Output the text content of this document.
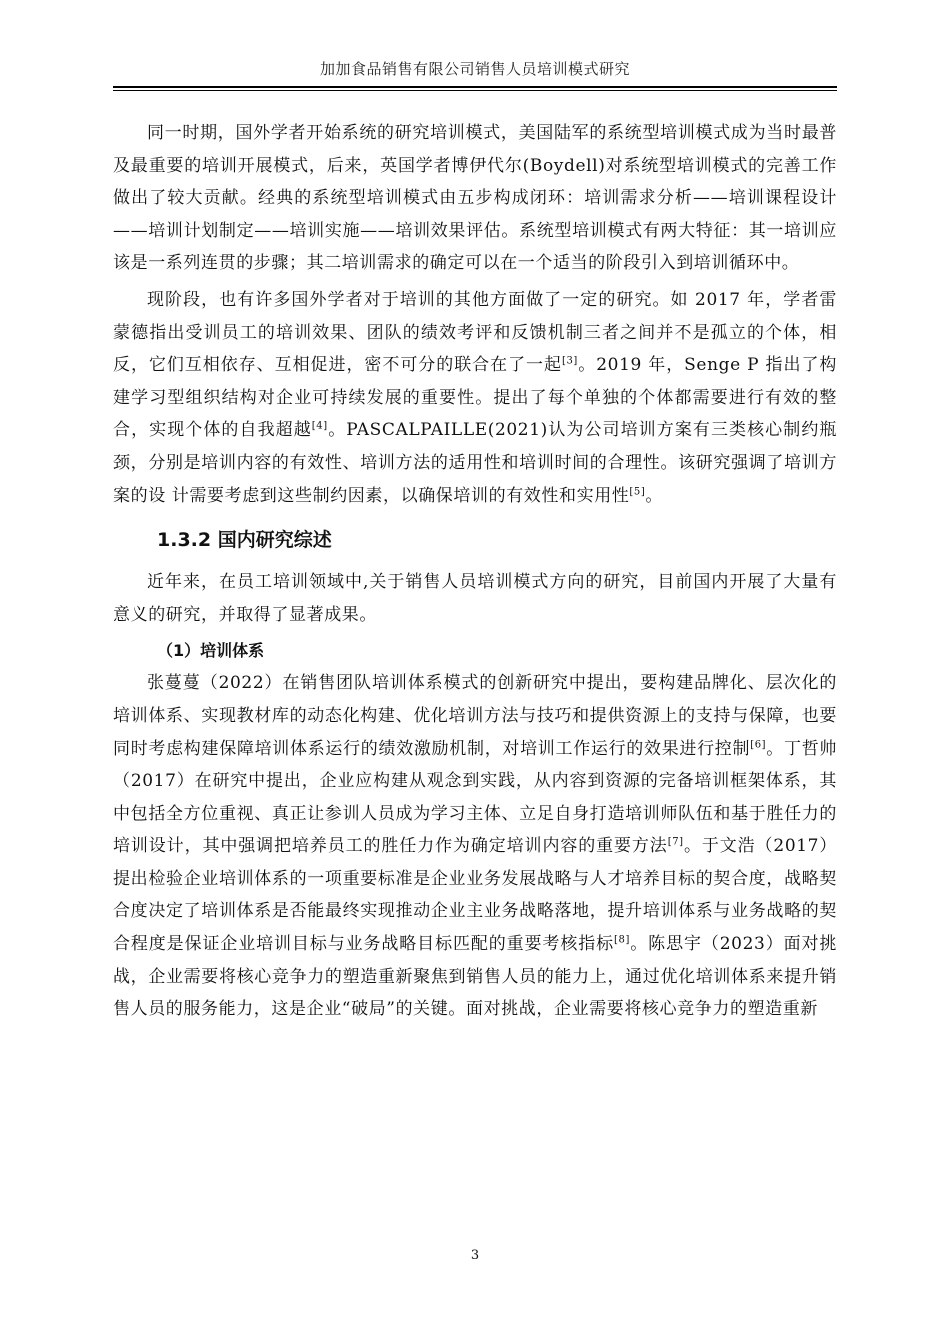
加加食品销售有限公司销售人员培训模式研究

同一时期，国外学者开始系统的研究培训模式，美国陆军的系统型培训模式成为当时最普及最重要的培训开展模式，后来，英国学者博伊代尔(Boydell)对系统型培训模式的完善工作做出了较大贡献。经典的系统型培训模式由五步构成闭环：培训需求分析——培训课程设计——培训计划制定——培训实施——培训效果评估。系统型培训模式有两大特征：其一培训应该是一系列连贯的步骤；其二培训需求的确定可以在一个适当的阶段引入到培训循环中。

现阶段，也有许多国外学者对于培训的其他方面做了一定的研究。如 2017 年，学者雷蒙德指出受训员工的培训效果、团队的绩效考评和反馈机制三者之间并不是孤立的个体，相反，它们互相依存、互相促进，密不可分的联合在了一起[3]。2019 年，Senge P 指出了构建学习型组织结构对企业可持续发展的重要性。提出了每个单独的个体都需要进行有效的整合，实现个体的自我超越[4]。PASCALPAILLE(2021)认为公司培训方案有三类核心制约瓶颈，分别是培训内容的有效性、培训方法的适用性和培训时间的合理性。该研究强调了培训方案的设 计需要考虑到这些制约因素，以确保培训的有效性和实用性[5]。

1.3.2 国内研究综述

近年来，在员工培训领域中,关于销售人员培训模式方向的研究，目前国内开展了大量有意义的研究，并取得了显著成果。

（1）培训体系

张蔓蔓（2022）在销售团队培训体系模式的创新研究中提出，要构建品牌化、层次化的培训体系、实现教材库的动态化构建、优化培训方法与技巧和提供资源上的支持与保障，也要同时考虑构建保障培训体系运行的绩效激励机制，对培训工作运行的效果进行控制[6]。丁哲帅（2017）在研究中提出，企业应构建从观念到实践，从内容到资源的完备培训框架体系，其中包括全方位重视、真正让参训人员成为学习主体、立足自身打造培训师队伍和基于胜任力的培训设计，其中强调把培养员工的胜任力作为确定培训内容的重要方法[7]。于文浩（2017）提出检验企业培训体系的一项重要标准是企业业务发展战略与人才培养目标的契合度，战略契合度决定了培训体系是否能最终实现推动企业主业务战略落地，提升培训体系与业务战略的契合程度是保证企业培训目标与业务战略目标匹配的重要考核指标[8]。陈思宇（2023）面对挑战，企业需要将核心竞争力的塑造重新聚焦到销售人员的能力上，通过优化培训体系来提升销售人员的服务能力，这是企业“破局”的关键。面对挑战，企业需要将核心竞争力的塑造重新

3
